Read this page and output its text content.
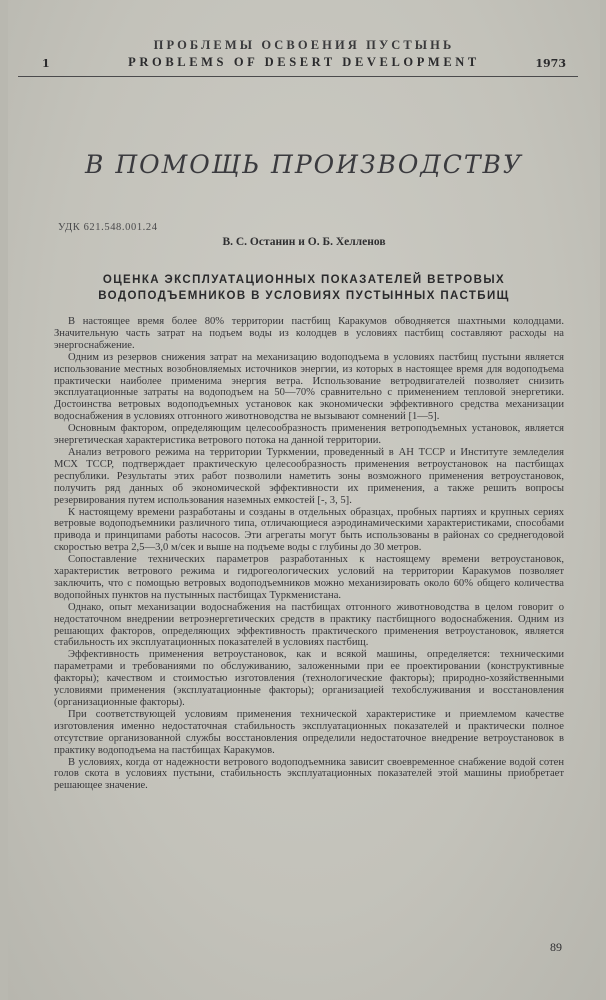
ПРОБЛЕМЫ ОСВОЕНИЯ ПУСТЫНЬ
1	PROBLEMS OF DESERT DEVELOPMENT	1973
В ПОМОЩЬ ПРОИЗВОДСТВУ
УДК 621.548.001.24
В. С. Останин и О. Б. Хелленов
ОЦЕНКА ЭКСПЛУАТАЦИОННЫХ ПОКАЗАТЕЛЕЙ ВЕТРОВЫХ ВОДОПОДЪЕМНИКОВ В УСЛОВИЯХ ПУСТЫННЫХ ПАСТБИЩ

В настоящее время более 80% территории пастбищ Каракумов обводняется шахтными колодцами. Значительную часть затрат на подъем воды из колодцев в условиях пастбищ составляют расходы на энергоснабжение.

Одним из резервов снижения затрат на механизацию водоподъема в условиях пастбищ пустыни является использование местных возобновляемых источников энергии, из которых в настоящее время для водоподъема практически наиболее применима энергия ветра. Использование ветродвигателей позволяет снизить эксплуатационные затраты на водоподъем на 50—70% сравнительно с применением тепловой энергетики. Достоинства ветровых водоподъемных установок как экономически эффективного средства механизации водоснабжения в условиях отгонного животноводства не вызывают сомнений [1—5].

Основным фактором, определяющим целесообразность применения ветроподъемных установок, является энергетическая характеристика ветрового потока на данной территории.

Анализ ветрового режима на территории Туркмении, проведенный в АН ТССР и Институте земледелия МСХ ТССР, подтверждает практическую целесообразность применения ветроустановок на пастбищах республики. Результаты этих работ позволили наметить зоны возможного применения ветроустановок, получить ряд данных об экономической эффективности их применения, а также решить вопросы резервирования путем использования наземных емкостей [-, 3, 5].

К настоящему времени разработаны и созданы в отдельных образцах, пробных партиях и крупных сериях ветровые водоподъемники различного типа, отличающиеся аэродинамическими характеристиками, способами привода и принципами работы насосов. Эти агрегаты могут быть использованы в районах со среднегодовой скоростью ветра 2,5—3,0 м/сек и выше на подъеме воды с глубины до 30 метров.

Сопоставление технических параметров разработанных к настоящему времени ветроустановок, характеристик ветрового режима и гидрогеологических условий на территории Каракумов позволяет заключить, что с помощью ветровых водоподъемников можно механизировать около 60% общего количества водопойных пунктов на пустынных пастбищах Туркменистана.

Однако, опыт механизации водоснабжения на пастбищах отгонного животноводства в целом говорит о недостаточном внедрении ветроэнергетических средств в практику пастбищного водоснабжения. Одним из решающих факторов, определяющих эффективность практического применения ветроустановок, является стабильность их эксплуатационных показателей в условиях пастбищ.

Эффективность применения ветроустановок, как и всякой машины, определяется: техническими параметрами и требованиями по обслуживанию, заложенными при ее проектировании (конструктивные факторы); качеством и стоимостью изготовления (технологические факторы); природно-хозяйственными условиями применения (эксплуатационные факторы); организацией техобслуживания и восстановления (организационные факторы).

При соответствующей условиям применения технической характеристике и приемлемом качестве изготовления именно недостаточная стабильность эксплуатационных показателей и практически полное отсутствие организованной службы восстановления определили недостаточное внедрение ветроустановок в практику водоподъема на пастбищах Каракумов.

В условиях, когда от надежности ветрового водоподъемника зависит своевременное снабжение водой сотен голов скота в условиях пустыни, стабильность эксплуатационных показателей этой машины приобретает решающее значение.

89
